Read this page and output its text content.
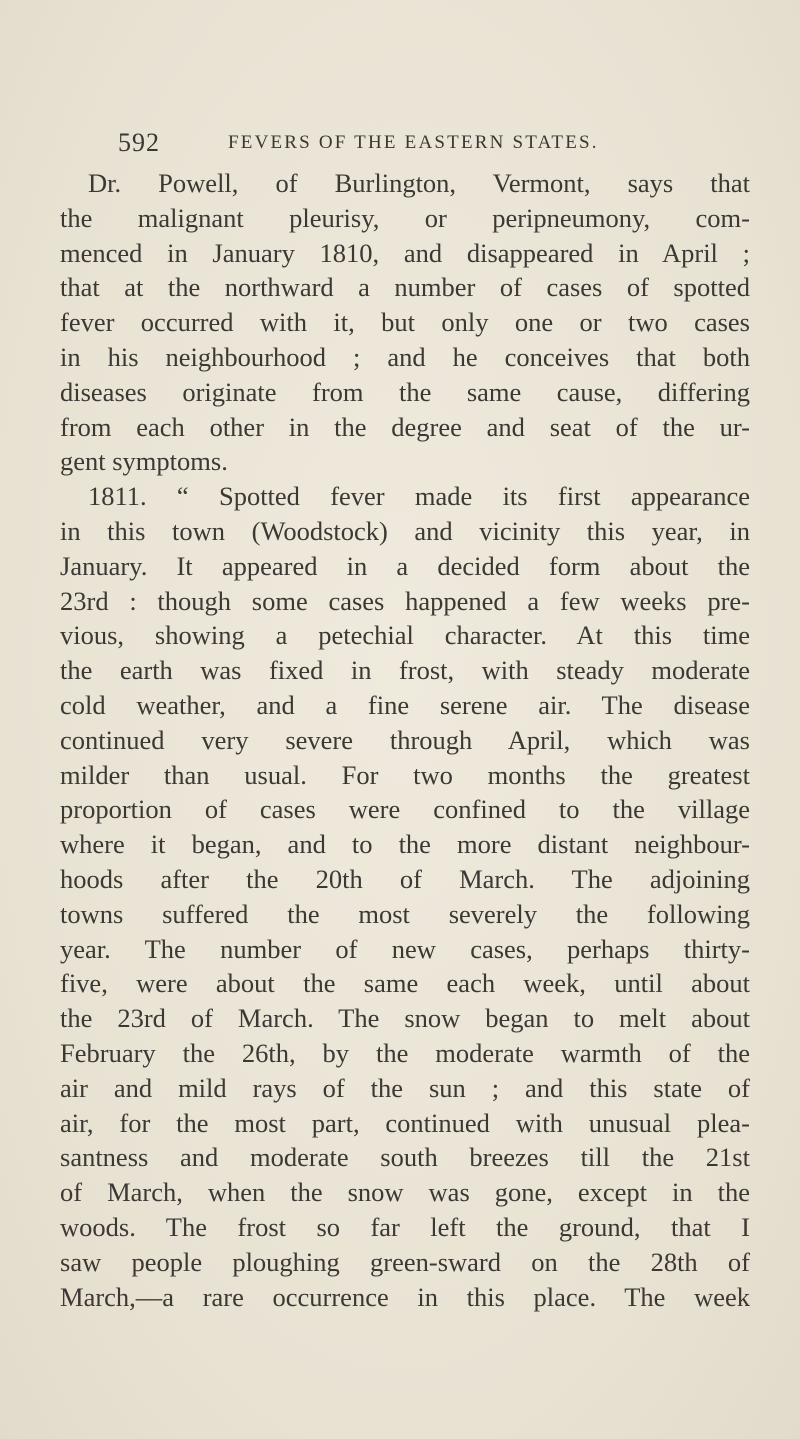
592	FEVERS OF THE EASTERN STATES.
Dr. Powell, of Burlington, Vermont, says that
the malignant pleurisy, or peripneumony, com-
menced in January 1810, and disappeared in April ;
that at the northward a number of cases of spotted
fever occurred with it, but only one or two cases
in his neighbourhood ; and he conceives that both
diseases originate from the same cause, differing
from each other in the degree and seat of the ur-
gent symptoms.
1811. “ Spotted fever made its first appearance
in this town (Woodstock) and vicinity this year, in
January. It appeared in a decided form about the
23rd : though some cases happened a few weeks pre-
vious, showing a petechial character. At this time
the earth was fixed in frost, with steady moderate
cold weather, and a fine serene air. The disease
continued very severe through April, which was
milder than usual. For two months the greatest
proportion of cases were confined to the village
where it began, and to the more distant neighbour-
hoods after the 20th of March. The adjoining
towns suffered the most severely the following
year. The number of new cases, perhaps thirty-
five, were about the same each week, until about
the 23rd of March. The snow began to melt about
February the 26th, by the moderate warmth of the
air and mild rays of the sun ; and this state of
air, for the most part, continued with unusual plea-
santness and moderate south breezes till the 21st
of March, when the snow was gone, except in the
woods. The frost so far left the ground, that I
saw people ploughing green-sward on the 28th of
March,—a rare occurrence in this place. The week
